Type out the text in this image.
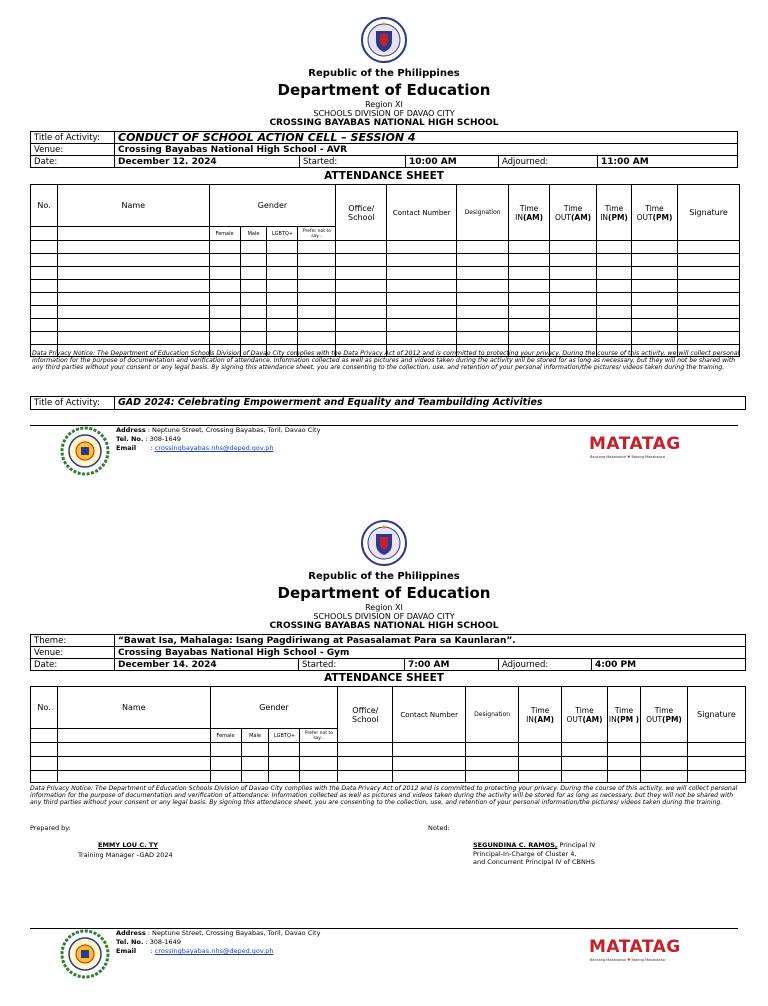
Republic of the Philippines
Department of Education
Region XI
SCHOOLS DIVISION OF DAVAO CITY
CROSSING BAYABAS NATIONAL HIGH SCHOOL
Title of Activity:	CONDUCT OF SCHOOL ACTION CELL – SESSION 4				
Venue:	Crossing Bayabas National High School - AVR				
Date:	December 12. 2024	Started:	10:00 AM	Adjourned:	11:00 AM
ATTENDANCE SHEET
No.	Name	Gender				Office/ School	Contact Number	Designation	Time IN(AM)	Time OUT(AM)	Time IN(PM)	Time OUT(PM)	Signature
		Female	Male	LGBTQ+	Prefer not to say...								

Data Privacy Notice: The Department of Education Schools Division of Davao City complies with the Data Privacy Act of 2012 and is committed to protecting your privacy. During the course of this activity, we will collect personal information for the purpose of documentation and verification of attendance. Information collected as well as pictures and videos taken during the activity will be stored for as long as necessary, but they will not be shared with any third parties without your consent or any legal basis. By signing this attendance sheet, you are consenting to the collection, use, and retention of your personal information/the pictures/ videos taken during the training.
Title of Activity:	GAD 2024: Celebrating Empowerment and Equality and Teambuilding Activities
Address : Neptune Street, Crossing Bayabas, Toril, Davao City
Tel. No. : 308-1649
Email : crossingbayabas.nhs@deped.gov.ph	MATATAG
Bansang Makabansa ♥ Batang Makabansa
Republic of the Philippines
Department of Education
Region XI
SCHOOLS DIVISION OF DAVAO CITY
CROSSING BAYABAS NATIONAL HIGH SCHOOL
Theme:	“Bawat Isa, Mahalaga: Isang Pagdiriwang at Pasasalamat Para sa Kaunlaran”.				
Venue:	Crossing Bayabas National High School - Gym				
Date:	December 14. 2024	Started:	7:00 AM	Adjourned:	4:00 PM
ATTENDANCE SHEET
No.	Name	Gender				Office/ School	Contact Number	Designation	Time IN(AM)	Time OUT(AM)	Time IN(PM )	Time OUT(PM)	Signature
		Female	Male	LGBTQ+	Prefer not to say...								

Data Privacy Notice: The Department of Education Schools Division of Davao City complies with the Data Privacy Act of 2012 and is committed to protecting your privacy. During the course of this activity, we will collect personal information for the purpose of documentation and verification of attendance. Information collected as well as pictures and videos taken during the activity will be stored for as long as necessary, but they will not be shared with any third parties without your consent or any legal basis. By signing this attendance sheet, you are consenting to the collection, use, and retention of your personal information/the pictures/ videos taken during the training.
Prepared by:	Noted:
EMMY LOU C. TY
Training Manager –GAD 2024
SEGUNDINA C. RAMOS, Principal IV
Principal-In-Charge of Cluster 4,
and Concurrent Principal IV of CBNHS
Address : Neptune Street, Crossing Bayabas, Toril, Davao City
Tel. No. : 308-1649
Email : crossingbayabas.nhs@deped.gov.ph	MATATAG
Bansang Makabansa ♥ Batang Makabansa
